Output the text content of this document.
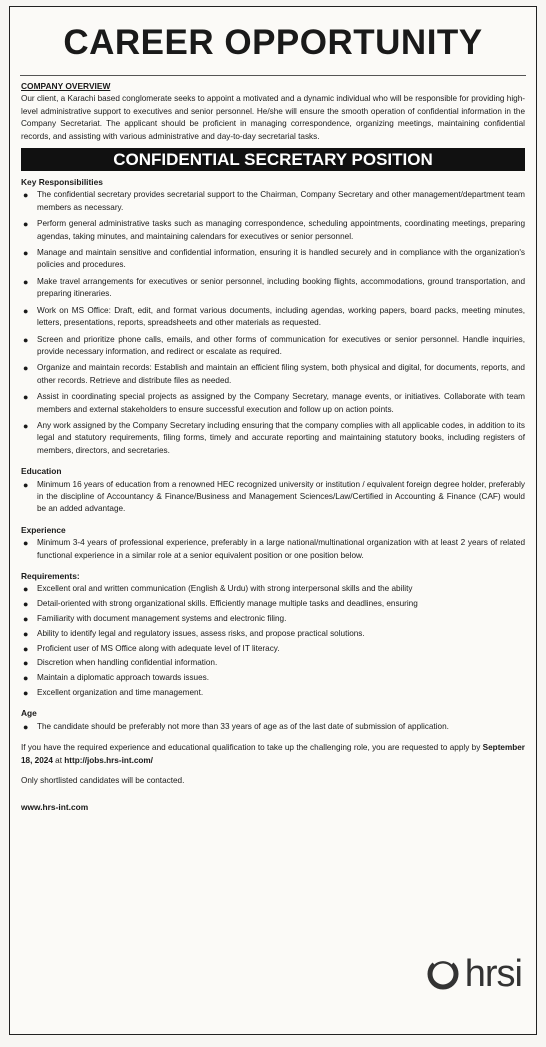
CAREER OPPORTUNITY
COMPANY OVERVIEW

Our client, a Karachi based conglomerate seeks to appoint a motivated and a dynamic individual who will be responsible for providing high-level administrative support to executives and senior personnel. He/she will ensure the smooth operation of confidential information in the Company Secretariat. The applicant should be proficient in managing correspondence, organizing meetings, maintaining confidential records, and assisting with various administrative and day-to-day secretarial tasks.

CONFIDENTIAL SECRETARY POSITION
Key Responsibilities
● The confidential secretary provides secretarial support to the Chairman, Company Secretary and other management/department team members as necessary.
● Perform general administrative tasks such as managing correspondence, scheduling appointments, coordinating meetings, preparing agendas, taking minutes, and maintaining calendars for executives or senior personnel.
● Manage and maintain sensitive and confidential information, ensuring it is handled securely and in compliance with the organization's policies and procedures.
● Make travel arrangements for executives or senior personnel, including booking flights, accommodations, ground transportation, and preparing itineraries.
● Work on MS Office: Draft, edit, and format various documents, including agendas, working papers, board packs, meeting minutes, letters, presentations, reports, spreadsheets and other materials as requested.
● Screen and prioritize phone calls, emails, and other forms of communication for executives or senior personnel. Handle inquiries, provide necessary information, and redirect or escalate as required.
● Organize and maintain records: Establish and maintain an efficient filing system, both physical and digital, for documents, reports, and other records. Retrieve and distribute files as needed.
● Assist in coordinating special projects as assigned by the Company Secretary, manage events, or initiatives. Collaborate with team members and external stakeholders to ensure successful execution and follow up on action points.
● Any work assigned by the Company Secretary including ensuring that the company complies with all applicable codes, in addition to its legal and statutory requirements, filing forms, timely and accurate reporting and maintaining statutory books, including registers of members, directors, and secretaries.
Education
● Minimum 16 years of education from a renowned HEC recognized university or institution / equivalent foreign degree holder, preferably in the discipline of Accountancy & Finance/Business and Management Sciences/Law/Certified in Accounting & Finance (CAF) would be an added advantage.
Experience
● Minimum 3-4 years of professional experience, preferably in a large national/multinational organization with at least 2 years of related functional experience in a similar role at a senior equivalent position or one position below.
Requirements:
● Excellent oral and written communication (English & Urdu) with strong interpersonal skills and the ability
● Detail-oriented with strong organizational skills. Efficiently manage multiple tasks and deadlines, ensuring
● Familiarity with document management systems and electronic filing.
● Ability to identify legal and regulatory issues, assess risks, and propose practical solutions.
● Proficient user of MS Office along with adequate level of IT literacy.
● Discretion when handling confidential information.
● Maintain a diplomatic approach towards issues.
● Excellent organization and time management.
Age
● The candidate should be preferably not more than 33 years of age as of the last date of submission of application.

If you have the required experience and educational qualification to take up the challenging role, you are requested to apply by September 18, 2024 at http://jobs.hrs-int.com/

Only shortlisted candidates will be contacted.

www.hrs-int.com
hrsi
